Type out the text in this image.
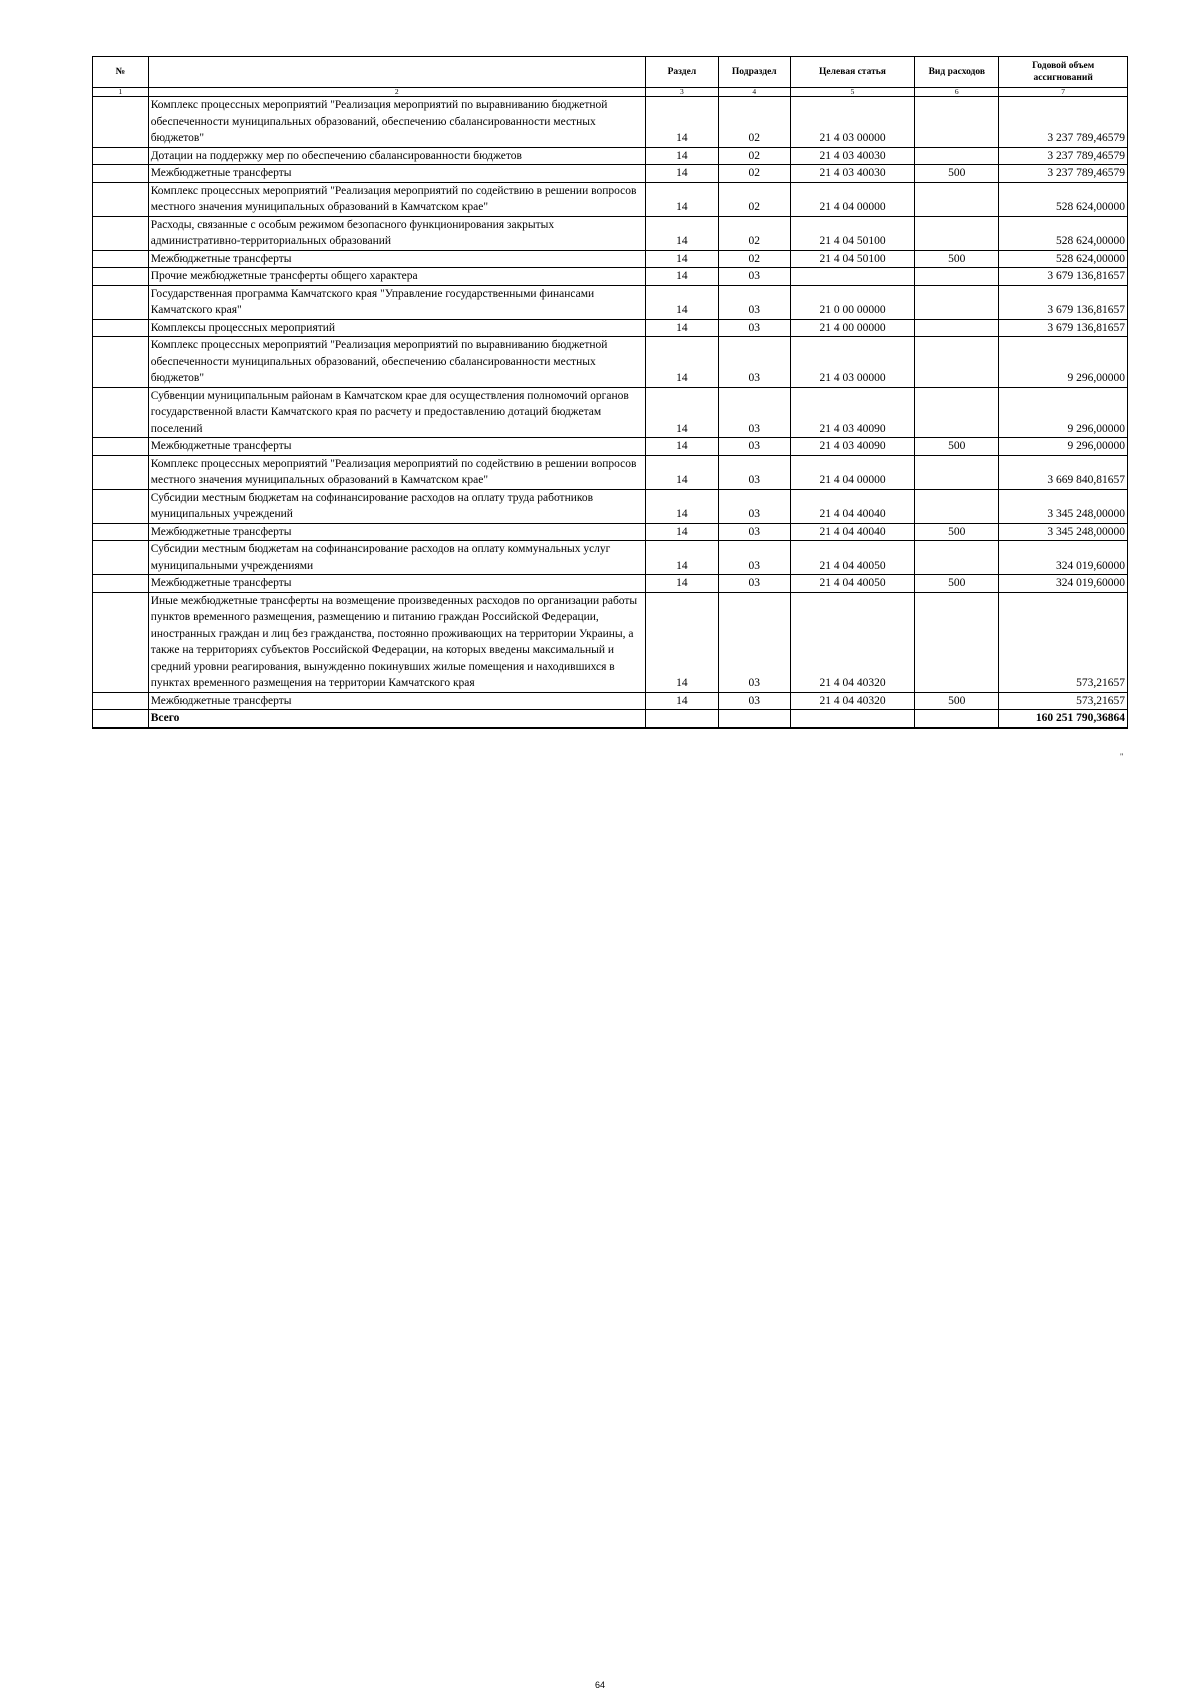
№		Раздел	Подраздел	Целевая статья	Вид расходов	Годовой объем ассигнований
1	2	3	4	5	6	7
	Комплекс процессных мероприятий "Реализация мероприятий по выравниванию бюджетной обеспеченности муниципальных образований, обеспечению сбалансированности местных бюджетов"	14	02	21 4 03 00000		3 237 789,46579
	Дотации на поддержку мер по обеспечению сбалансированности бюджетов	14	02	21 4 03 40030		3 237 789,46579
	Межбюджетные трансферты	14	02	21 4 03 40030	500	3 237 789,46579
	Комплекс процессных мероприятий "Реализация мероприятий по содействию в решении вопросов местного значения муниципальных образований в Камчатском крае"	14	02	21 4 04 00000		528 624,00000
	Расходы, связанные с особым режимом безопасного функционирования закрытых административно-территориальных образований	14	02	21 4 04 50100		528 624,00000
	Межбюджетные трансферты	14	02	21 4 04 50100	500	528 624,00000
	Прочие межбюджетные трансферты общего характера	14	03			3 679 136,81657
	Государственная программа Камчатского края "Управление государственными финансами Камчатского края"	14	03	21 0 00 00000		3 679 136,81657
	Комплексы процессных мероприятий	14	03	21 4 00 00000		3 679 136,81657
	Комплекс процессных мероприятий "Реализация мероприятий по выравниванию бюджетной обеспеченности муниципальных образований, обеспечению сбалансированности местных бюджетов"	14	03	21 4 03 00000		9 296,00000
	Субвенции муниципальным районам в Камчатском крае для осуществления полномочий органов государственной власти Камчатского края по расчету и предоставлению дотаций бюджетам поселений	14	03	21 4 03 40090		9 296,00000
	Межбюджетные трансферты	14	03	21 4 03 40090	500	9 296,00000
	Комплекс процессных мероприятий "Реализация мероприятий по содействию в решении вопросов местного значения муниципальных образований в Камчатском крае"	14	03	21 4 04 00000		3 669 840,81657
	Субсидии местным бюджетам на софинансирование расходов на оплату труда работников муниципальных учреждений	14	03	21 4 04 40040		3 345 248,00000
	Межбюджетные трансферты	14	03	21 4 04 40040	500	3 345 248,00000
	Субсидии местным бюджетам на софинансирование расходов на оплату коммунальных услуг муниципальными учреждениями	14	03	21 4 04 40050		324 019,60000
	Межбюджетные трансферты	14	03	21 4 04 40050	500	324 019,60000
	Иные межбюджетные трансферты на возмещение произведенных расходов по организации работы пунктов временного размещения, размещению и питанию граждан Российской Федерации, иностранных граждан и лиц без гражданства, постоянно проживающих на территории Украины, а также на территориях субъектов Российской Федерации, на которых введены максимальный и средний уровни реагирования, вынужденно покинувших жилые помещения и находившихся в пунктах временного размещения на территории Камчатского края	14	03	21 4 04 40320		573,21657
	Межбюджетные трансферты	14	03	21 4 04 40320	500	573,21657
	Всего					160 251 790,36864
"
64
